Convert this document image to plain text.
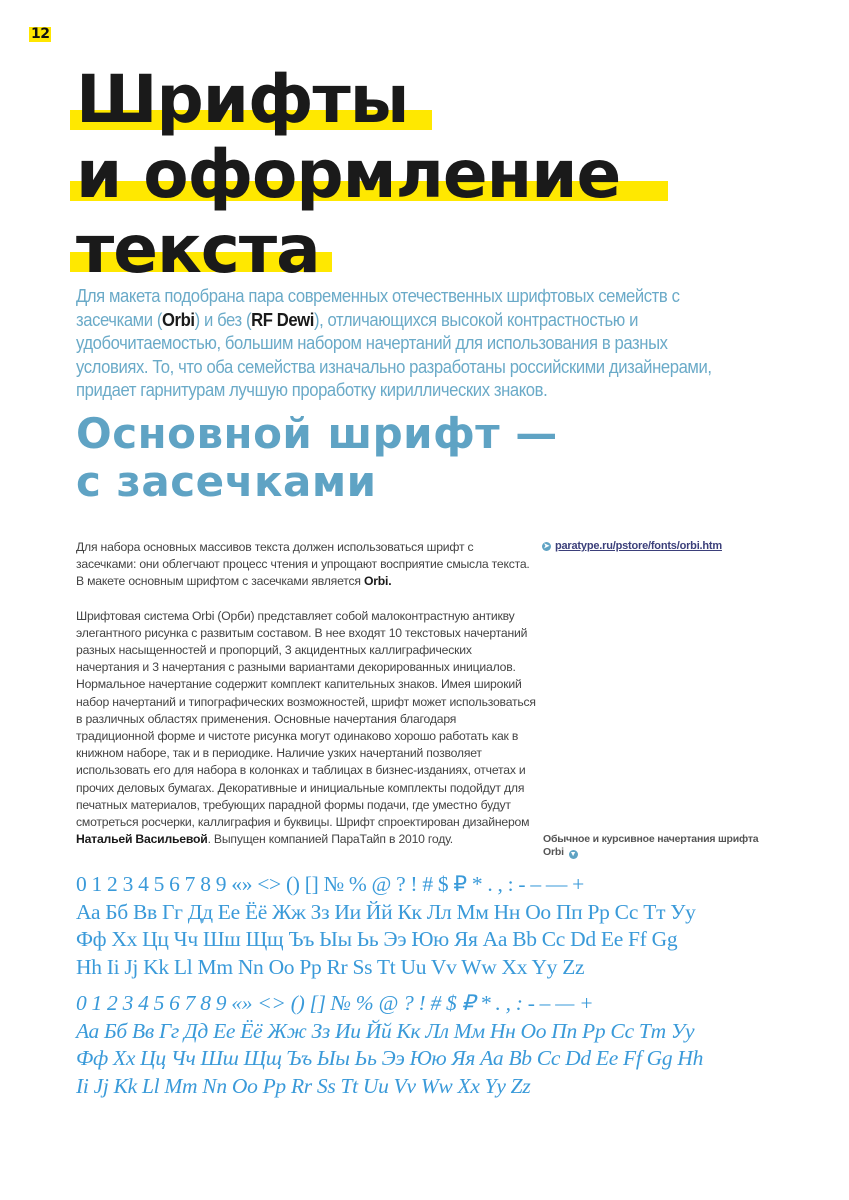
12
Шрифты
и оформление
текста
Для макета подобрана пара современных отечественных шрифтовых семейств с засечками (Orbi) и без (RF Dewi), отличающихся высокой контрастностью и удобочитаемостью, большим набором начертаний для использования в разных условиях. То, что оба семейства изначально разработаны российскими дизайнерами, придает гарнитурам лучшую проработку кириллических знаков.
Основной шрифт —
с засечками

Для набора основных массивов текста должен использоваться шрифт с засечками: они облегчают процесс чтения и упрощают восприятие смысла текста. В макете основным шрифтом с засечками является Orbi.

Шрифтовая система Orbi (Орби) представляет собой малоконтрастную антикву элегантного рисунка с развитым составом. В нее входят 10 текстовых начертаний разных насыщенностей и пропорций, 3 акцидентных каллиграфических начертания и 3 начертания с разными вариантами декорированных инициалов. Нормальное начертание содержит комплект капительных знаков. Имея широкий набор начертаний и типографических возможностей, шрифт может использоваться в различных областях применения. Основные начертания благодаря традиционной форме и чистоте рисунка могут одинаково хорошо работать как в книжном наборе, так и в периодике. Наличие узких начертаний позволяет использовать его для набора в колонках и таблицах в бизнес-изданиях, отчетах и прочих деловых бумагах. Декоративные и инициальные комплекты подойдут для печатных материалов, требующих парадной формы подачи, где уместно будут смотреться росчерки, каллиграфия и буквицы. Шрифт спроектирован дизайнером Натальей Васильевой. Выпущен компанией ПараТайп в 2010 году.

➤ paratype.ru/pstore/fonts/orbi.htm
Обычное и курсивное начертания шрифта Orbi ▼
0 1 2 3 4 5 6 7 8 9 «» <> () [] № % @ ? ! # $ ₽ * . , : - – — +
Аа Бб Вв Гг Дд Ее Ёё Жж Зз Ии Йй Кк Лл Мм Нн Оо Пп Рр Сс Тт Уу
Фф Хх Цц Чч Шш Щщ Ъъ Ыы Ьь Ээ Юю Яя Aa Bb Cc Dd Ee Ff Gg
Hh Ii Jj Kk Ll Mm Nn Oo Pp Rr Ss Tt Uu Vv Ww Xx Yy Zz
0 1 2 3 4 5 6 7 8 9 «» <> () [] № % @ ? ! # $ ₽ * . , : - – — +
Аа Бб Вв Гг Дд Ее Ёё Жж Зз Ии Йй Кк Лл Мм Нн Оо Пп Рр Сс Тт Уу
Фф Хх Цц Чч Шш Щщ Ъъ Ыы Ьь Ээ Юю Яя Aa Bb Cc Dd Ee Ff Gg Hh
Ii Jj Kk Ll Mm Nn Oo Pp Rr Ss Tt Uu Vv Ww Xx Yy Zz
